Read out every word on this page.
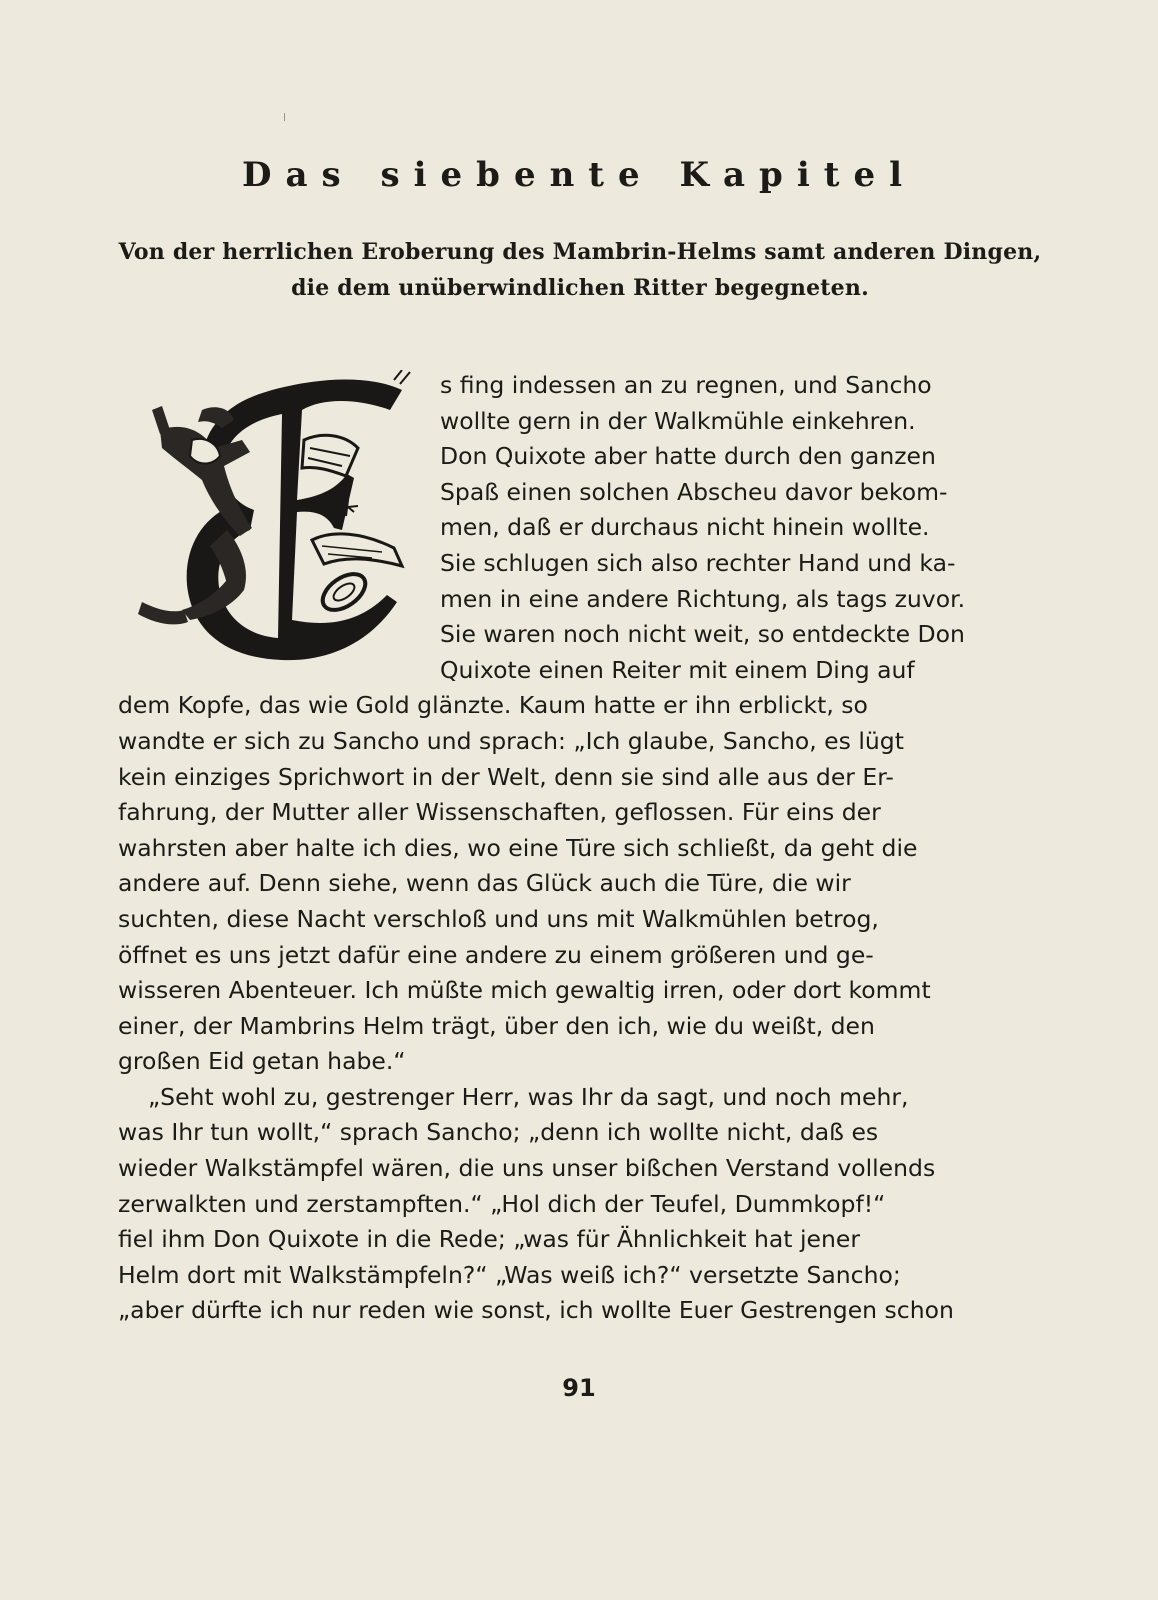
Das siebente Kapitel
Von der herrlichen Eroberung des Mambrin-Helms samt anderen Dingen,
die dem unüberwindlichen Ritter begegneten.
s fing indessen an zu regnen, und Sancho
wollte gern in der Walkmühle einkehren.
Don Quixote aber hatte durch den ganzen
Spaß einen solchen Abscheu davor bekom-
men, daß er durchaus nicht hinein wollte.
Sie schlugen sich also rechter Hand und ka-
men in eine andere Richtung, als tags zuvor.
Sie waren noch nicht weit, so entdeckte Don
Quixote einen Reiter mit einem Ding auf
dem Kopfe, das wie Gold glänzte. Kaum hatte er ihn erblickt, so
wandte er sich zu Sancho und sprach: „Ich glaube, Sancho, es lügt
kein einziges Sprichwort in der Welt, denn sie sind alle aus der Er-
fahrung, der Mutter aller Wissenschaften, geflossen. Für eins der
wahrsten aber halte ich dies, wo eine Türe sich schließt, da geht die
andere auf. Denn siehe, wenn das Glück auch die Türe, die wir
suchten, diese Nacht verschloß und uns mit Walkmühlen betrog,
öffnet es uns jetzt dafür eine andere zu einem größeren und ge-
wisseren Abenteuer. Ich müßte mich gewaltig irren, oder dort kommt
einer, der Mambrins Helm trägt, über den ich, wie du weißt, den
großen Eid getan habe.“
„Seht wohl zu, gestrenger Herr, was Ihr da sagt, und noch mehr,
was Ihr tun wollt,“ sprach Sancho; „denn ich wollte nicht, daß es
wieder Walkstämpfel wären, die uns unser bißchen Verstand vollends
zerwalkten und zerstampften.“ „Hol dich der Teufel, Dummkopf!“
fiel ihm Don Quixote in die Rede; „was für Ähnlichkeit hat jener
Helm dort mit Walkstämpfeln?“ „Was weiß ich?“ versetzte Sancho;
„aber dürfte ich nur reden wie sonst, ich wollte Euer Gestrengen schon
91
